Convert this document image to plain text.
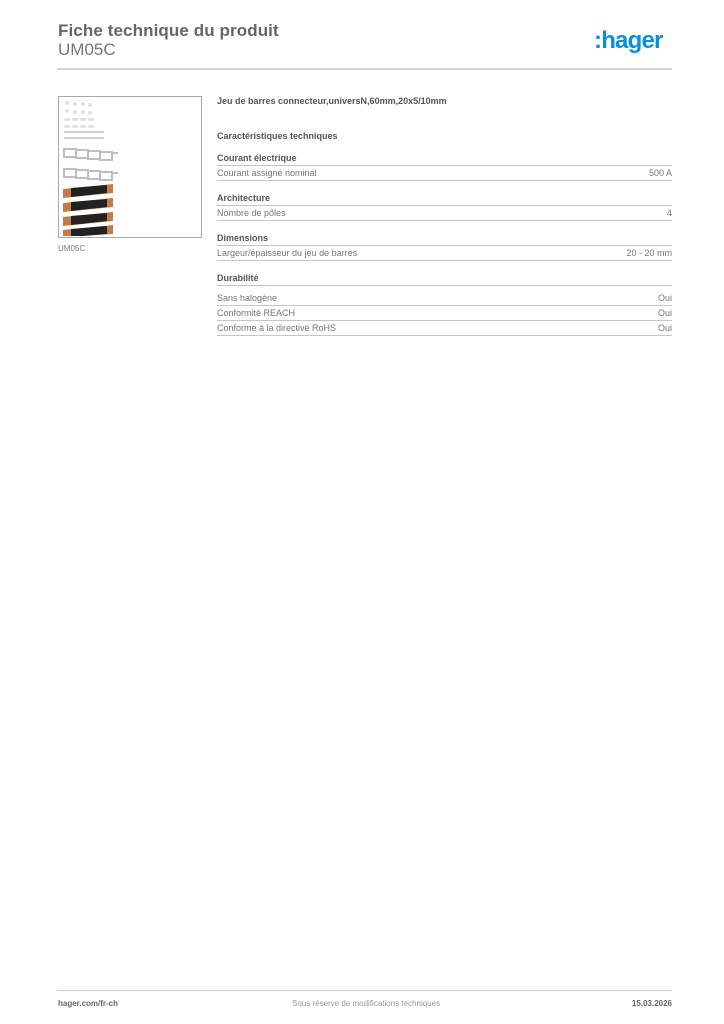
Fiche technique du produit
UM05C	:hager
UM05C
Jeu de barres connecteur,universN,60mm,20x5/10mm
Caractéristiques techniques
Courant électrique
Courant assigné nominal	500 A
Architecture
Nombre de pôles	4
Dimensions
Largeur/épaisseur du jeu de barres	20 - 20 mm
Durabilité
Sans halogène	Oui
Conformité REACH	Oui
Conforme à la directive RoHS	Oui
hager.com/fr-ch	Sous réserve de modifications techniques	15.03.2026
